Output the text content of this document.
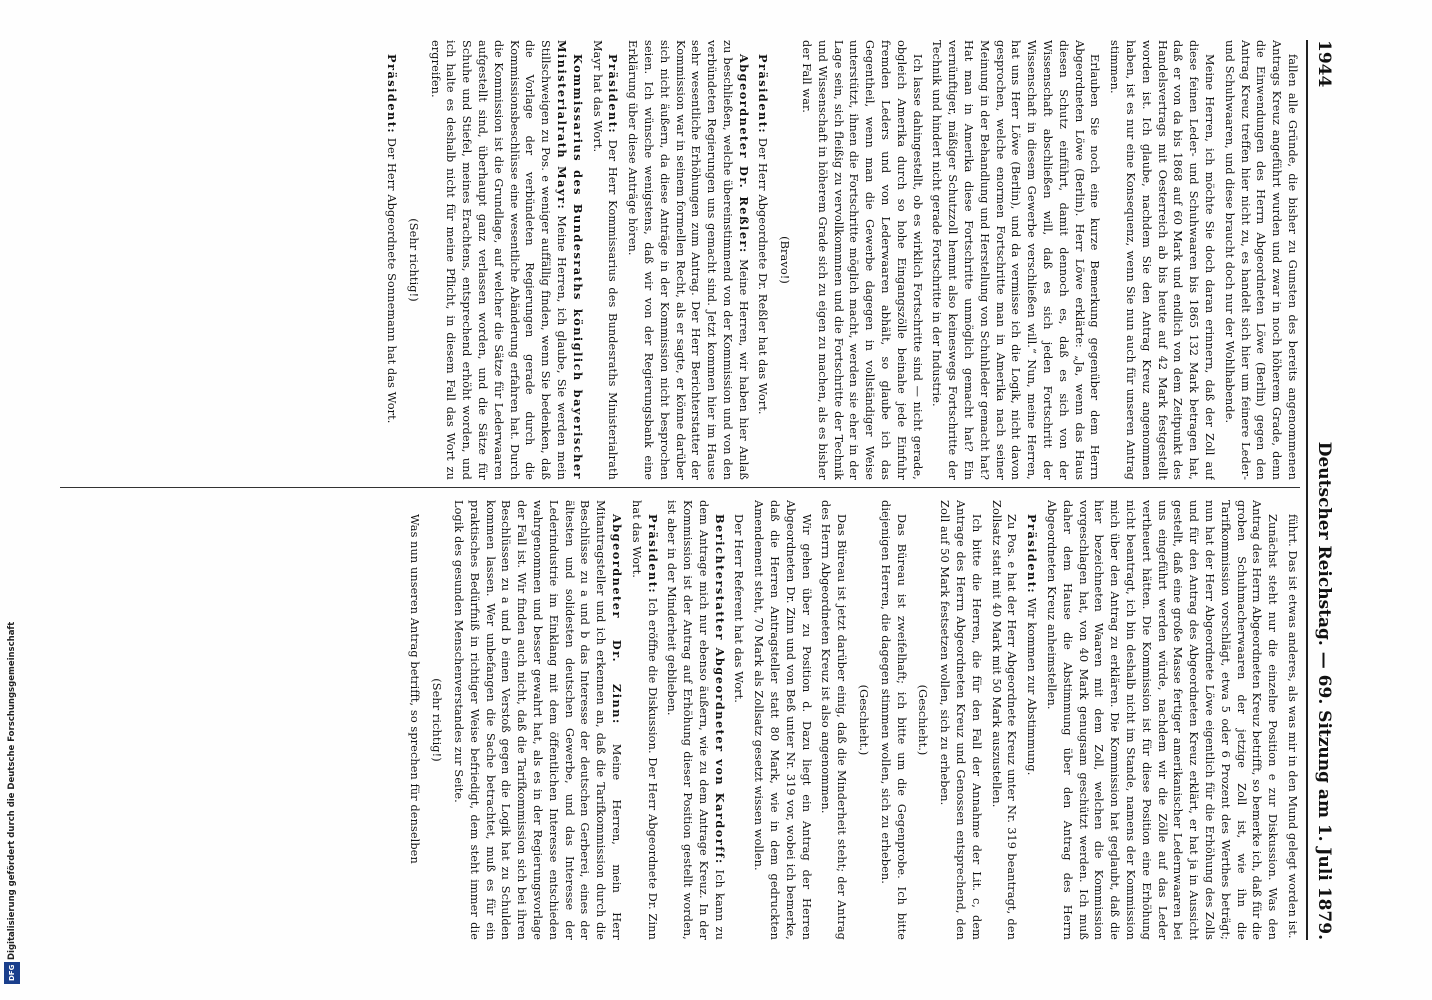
1944
Deutscher Reichstag. — 69. Sitzung am 1. Juli 1879.

fallen alle Gründe, die bisher zu Gunsten des bereits angenommenen Antrags Kreuz angeführt wurden und zwar in noch höherem Grade, denn die Einwendungen des Herrn Abgeordneten Löwe (Berlin) gegen den Antrag Kreuz treffen hier nicht zu, es handelt sich hier um feinere Leder- und Schuhwaaren, und diese braucht doch nur der Wohlhabende.

Meine Herren, ich möchte Sie doch daran erinnern, daß der Zoll auf diese feinen Leder- und Schuhwaaren bis 1865 132 Mark betragen hat, daß er von da bis 1868 auf 60 Mark und endlich von dem Zeitpunkt des Handelsvertrags mit Oesterreich ab bis heute auf 42 Mark festgestellt worden ist. Ich glaube, nachdem Sie den Antrag Kreuz angenommen haben, ist es nur eine Konsequenz, wenn Sie nun auch für unseren Antrag stimmen.

Erlauben Sie noch eine kurze Bemerkung gegenüber dem Herrn Abgeordneten Löwe (Berlin). Herr Löwe erklärte: „Ja, wenn das Haus diesen Schutz einführt, damit dennoch es, daß es sich von der Wissenschaft abschließen will, daß es sich jeden Fortschritt der Wissenschaft in diesem Gewerbe verschließen will.“ Nun, meine Herren, hat uns Herr Löwe (Berlin), und da vermisse ich die Logik, nicht davon gesprochen, welche enormen Fortschritte man in Amerika nach seiner Meinung in der Behandlung und Herstellung von Schuhleder gemacht hat? Hat man in Amerika diese Fortschritte unmöglich gemacht hat? Ein vernünftiger, mäßiger Schutzzoll hemmt also keineswegs Fortschritte der Technik und hindert nicht gerade Fortschritte in der Industrie.

Ich lasse dahingestellt, ob es wirklich Fortschritte sind — nicht gerade, obgleich Amerika durch so hohe Eingangszölle beinahe jede Einfuhr fremden Leders und von Lederwaaren abhält, so glaube ich das Gegentheil, wenn man die Gewerbe dagegen in vollständiger Weise unterstützt, ihnen die Fortschritte möglich macht, werden sie eher in der Lage sein, sich fleißig zu vervollkommnen und die Fortschritte der Technik und Wissenschaft in höherem Grade sich zu eigen zu machen, als es bisher der Fall war.

(Bravo!)

Präsident: Der Herr Abgeordnete Dr. Reßler hat das Wort.

Abgeordneter Dr. Reßler: Meine Herren, wir haben hier Anlaß zu beschließen, welche übereinstimmend von der Kommission und von den verbündeten Regierungen uns gemacht sind. Jetzt kommen hier im Hause sehr wesentliche Erhöhungen zum Antrag. Der Herr Berichterstatter der Kommission war in seinem formellen Recht, als er sagte, er könne darüber sich nicht äußern, da diese Anträge in der Kommission nicht besprochen seien. Ich wünsche wenigstens, daß wir von der Regierungsbank eine Erklärung über diese Anträge hören.

Präsident: Der Herr Kommissarius des Bundesraths Ministerialrath Mayr hat das Wort.

Kommissarius des Bundesraths königlich bayerischer Ministerialrath Mayr: Meine Herren, ich glaube, Sie werden mein Stillschweigen zu Pos. e weniger auffällig finden, wenn Sie bedenken, daß die Vorlage der verbündeten Regierungen gerade durch die Kommissionsbeschlüsse eine wesentliche Abänderung erfahren hat. Durch die Kommission ist die Grundlage, auf welcher die Sätze für Lederwaaren aufgestellt sind, überhaupt ganz verlassen worden, und die Sätze für Schuhe und Stiefel, meines Erachtens, entsprechend erhöht worden, und ich halte es deshalb nicht für meine Pflicht, in diesem Fall das Wort zu ergreifen.

(Sehr richtig!)

Präsident: Der Herr Abgeordnete Sonnemann hat das Wort.

führt. Das ist etwas anderes, als was mir in den Mund gelegt worden ist.

Zunächst steht nur die einzelne Position e zur Diskussion. Was den Antrag des Herrn Abgeordneten Kreuz betrifft, so bemerke ich, daß für die groben Schuhmacherwaaren der jetzige Zoll ist, wie ihn die Tarifkommission vorschlägt, etwa 5 oder 6 Prozent des Werthes beträgt; nun hat der Herr Abgeordnete Löwe eigentlich für die Erhöhung des Zolls und für den Antrag des Abgeordneten Kreuz erklärt, er hat ja in Aussicht gestellt, daß eine große Masse fertiger amerikanischer Ledernwaaren bei uns eingeführt werden würde, nachdem wir die Zölle auf das Leder vertheuert hätten. Die Kommission ist für diese Position eine Erhöhung nicht beantragt, ich bin deshalb nicht im Stande, namens der Kommission mich über den Antrag zu erklären. Die Kommission hat geglaubt, daß die hier bezeichneten Waaren mit dem Zoll, welchen die Kommission vorgeschlagen hat, von 40 Mark genugsam geschützt werden. Ich muß daher dem Hause die Abstimmung über den Antrag des Herrn Abgeordneten Kreuz anheimstellen.

Präsident: Wir kommen zur Abstimmung.

Zu Pos. e hat der Herr Abgeordnete Kreuz unter Nr. 319 beantragt, den Zollsatz statt mit 40 Mark mit 50 Mark auszustellen.

Ich bitte die Herren, die für den Fall der Annahme der Lit. c, dem Antrage des Herrn Abgeordneten Kreuz und Genossen entsprechend, den Zoll auf 50 Mark festsetzen wollen, sich zu erheben.

(Geschieht.)

Das Büreau ist zweifelhaft; ich bitte um die Gegenprobe. Ich bitte diejenigen Herren, die dagegen stimmen wollen, sich zu erheben.

(Geschieht.)

Das Büreau ist jetzt darüber einig, daß die Minderheit steht; der Antrag des Herrn Abgeordneten Kreuz ist also angenommen.

Wir gehen über zu Position d. Dazu liegt ein Antrag der Herren Abgeordneten Dr. Zinn und von Beß unter Nr. 319 vor, wobei ich bemerke, daß die Herren Antragsteller statt 80 Mark, wie in dem gedruckten Amendement steht, 70 Mark als Zollsatz gesetzt wissen wollen.

Der Herr Referent hat das Wort.

Berichterstatter Abgeordneter von Kardorff: Ich kann zu dem Antrage mich nur ebenso äußern, wie zu dem Antrage Kreuz. In der Kommission ist der Antrag auf Erhöhung dieser Position gestellt worden, ist aber in der Minderheit geblieben.

Präsident: Ich eröffne die Diskussion. Der Herr Abgeordnete Dr. Zinn hat das Wort.

Abgeordneter Dr. Zinn: Meine Herren, mein Herr Mitantragsteller und ich erkennen an, daß die Tarifkommission durch die Beschlüsse zu a und b das Interesse der deutschen Gerberei, eines der ältesten und solidesten deutschen Gewerbe, und das Interesse der Lederindustrie im Einklang mit dem öffentlichen Interesse entschieden wahrgenommen und besser gewahrt hat, als es in der Regierungsvorlage der Fall ist. Wir finden auch nicht, daß die Tarifkommission sich bei ihren Beschlüssen zu a und b einen Verstoß gegen die Logik hat zu Schulden kommen lassen. Wer unbefangen die Sache betrachtet, muß es für ein praktisches Bedürfniß in richtiger Weise befriedigt, dem steht immer die Logik des gesunden Menschenverstandes zur Seite.

(Sehr richtig!)

Was nun unseren Antrag betrifft, so sprechen für denselben

Digitalisierung gefördert durch die Deutsche Forschungsgemeinschaft
DFG
